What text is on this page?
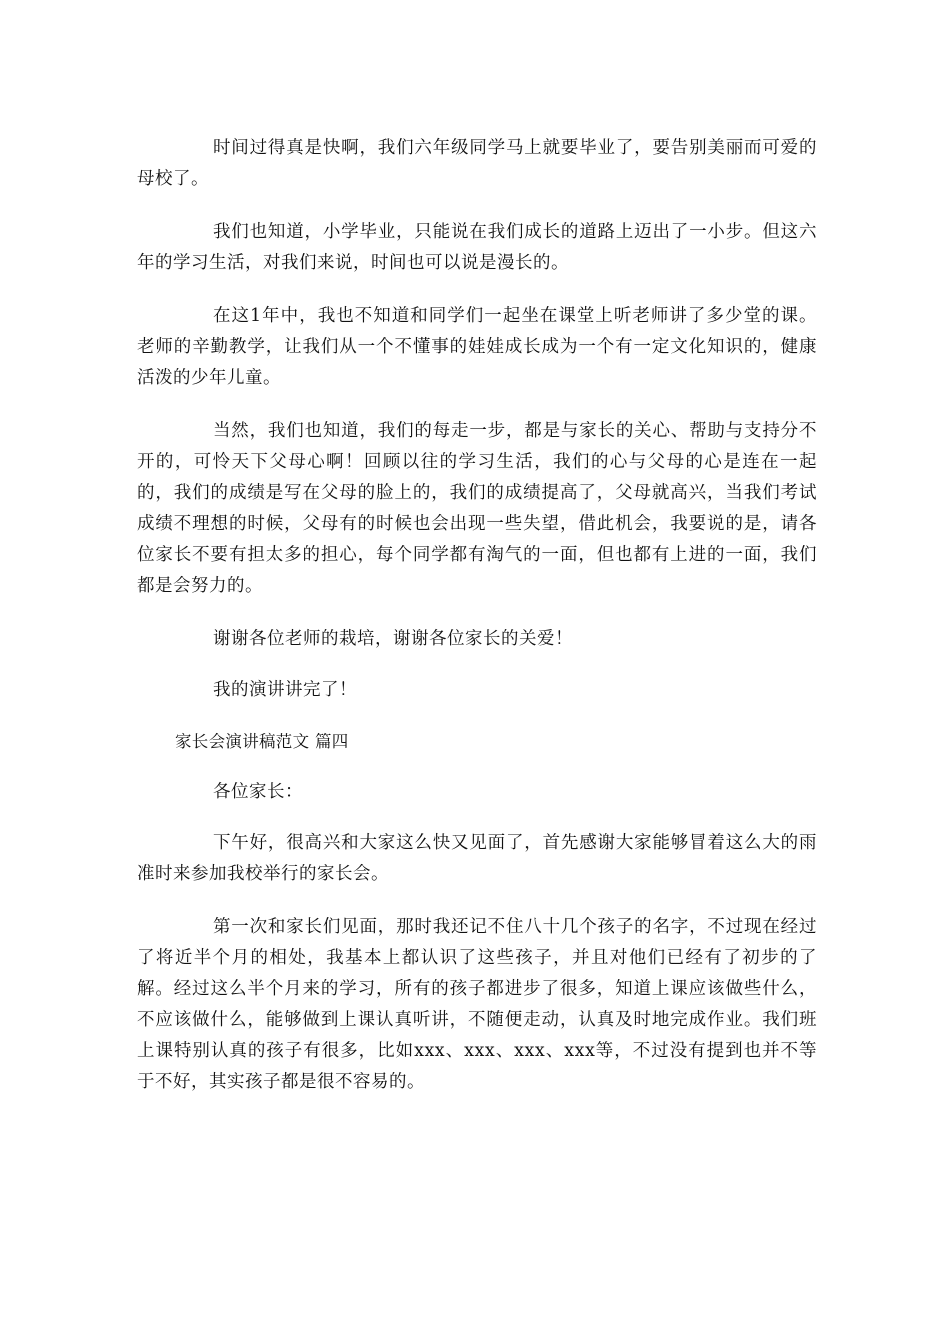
时间过得真是快啊，我们六年级同学马上就要毕业了，要告别美丽而可爱的母校了。

我们也知道，小学毕业，只能说在我们成长的道路上迈出了一小步。但这六年的学习生活，对我们来说，时间也可以说是漫长的。

在这1年中，我也不知道和同学们一起坐在课堂上听老师讲了多少堂的课。老师的辛勤教学，让我们从一个不懂事的娃娃成长成为一个有一定文化知识的，健康活泼的少年儿童。

当然，我们也知道，我们的每走一步，都是与家长的关心、帮助与支持分不开的，可怜天下父母心啊！回顾以往的学习生活，我们的心与父母的心是连在一起的，我们的成绩是写在父母的脸上的，我们的成绩提高了，父母就高兴，当我们考试成绩不理想的时候，父母有的时候也会出现一些失望，借此机会，我要说的是，请各位家长不要有担太多的担心，每个同学都有淘气的一面，但也都有上进的一面，我们都是会努力的。

谢谢各位老师的栽培，谢谢各位家长的关爱！

我的演讲讲完了！

家长会演讲稿范文 篇四

各位家长：

下午好，很高兴和大家这么快又见面了，首先感谢大家能够冒着这么大的雨准时来参加我校举行的家长会。

第一次和家长们见面，那时我还记不住八十几个孩子的名字，不过现在经过了将近半个月的相处，我基本上都认识了这些孩子，并且对他们已经有了初步的了解。经过这么半个月来的学习，所有的孩子都进步了很多，知道上课应该做些什么，不应该做什么，能够做到上课认真听讲，不随便走动，认真及时地完成作业。我们班上课特别认真的孩子有很多，比如xxx、xxx、xxx、xxx等，不过没有提到也并不等于不好，其实孩子都是很不容易的。
